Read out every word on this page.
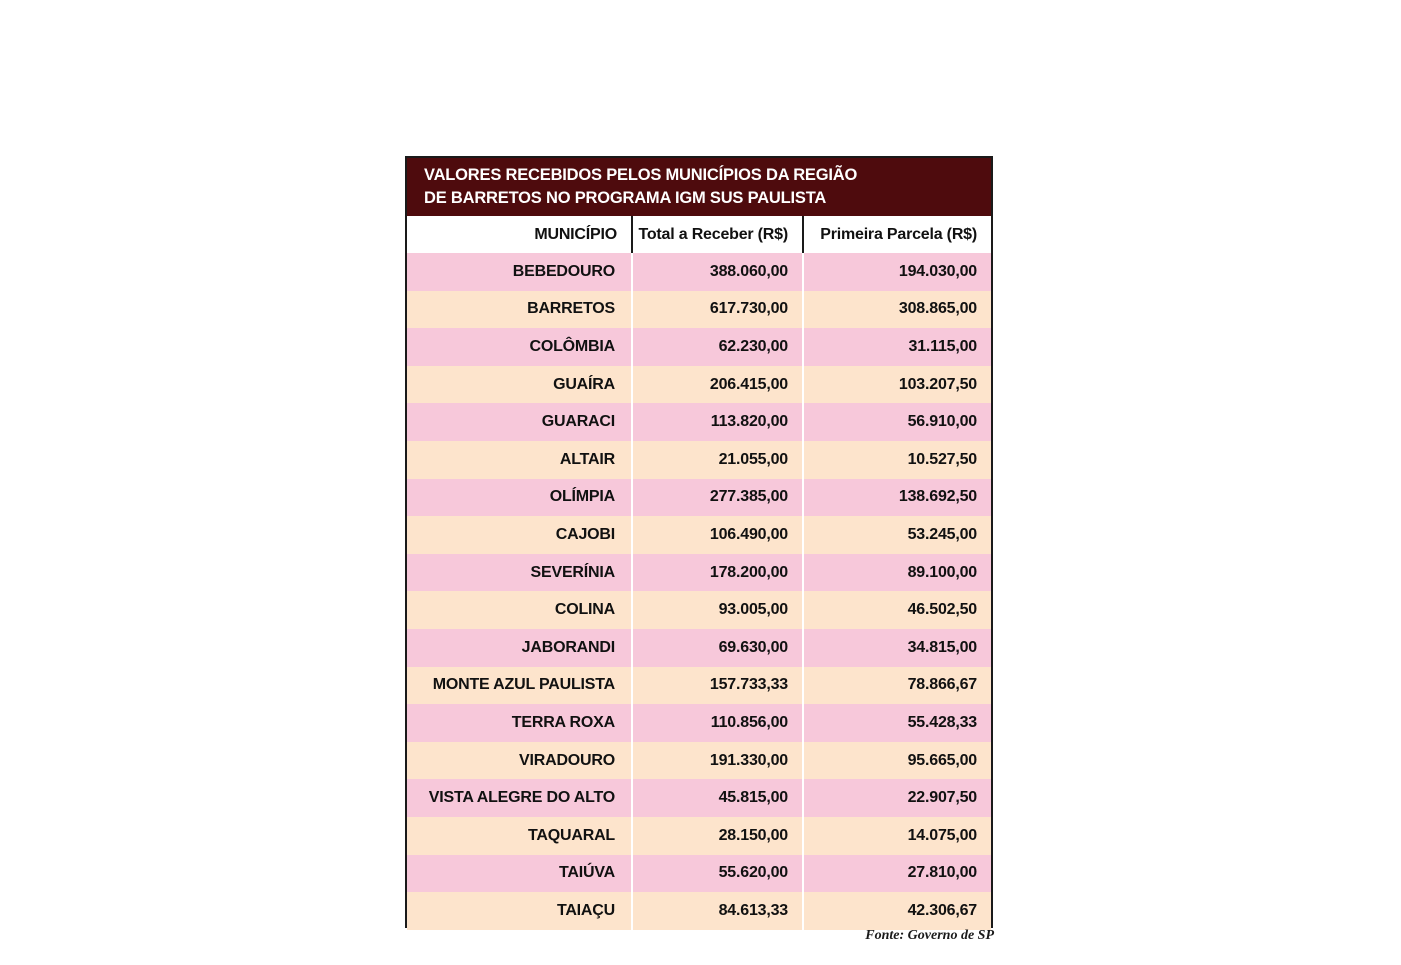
VALORES RECEBIDOS PELOS MUNICÍPIOS DA REGIÃO
DE BARRETOS NO PROGRAMA IGM SUS PAULISTA
MUNICÍPIO	Total a Receber (R$)	Primeira Parcela (R$)
BEBEDOURO	388.060,00	194.030,00
BARRETOS	617.730,00	308.865,00
COLÔMBIA	62.230,00	31.115,00
GUAÍRA	206.415,00	103.207,50
GUARACI	113.820,00	56.910,00
ALTAIR	21.055,00	10.527,50
OLÍMPIA	277.385,00	138.692,50
CAJOBI	106.490,00	53.245,00
SEVERÍNIA	178.200,00	89.100,00
COLINA	93.005,00	46.502,50
JABORANDI	69.630,00	34.815,00
MONTE AZUL PAULISTA	157.733,33	78.866,67
TERRA ROXA	110.856,00	55.428,33
VIRADOURO	191.330,00	95.665,00
VISTA ALEGRE DO ALTO	45.815,00	22.907,50
TAQUARAL	28.150,00	14.075,00
TAIÚVA	55.620,00	27.810,00
TAIAÇU	84.613,33	42.306,67
Fonte: Governo de SP
